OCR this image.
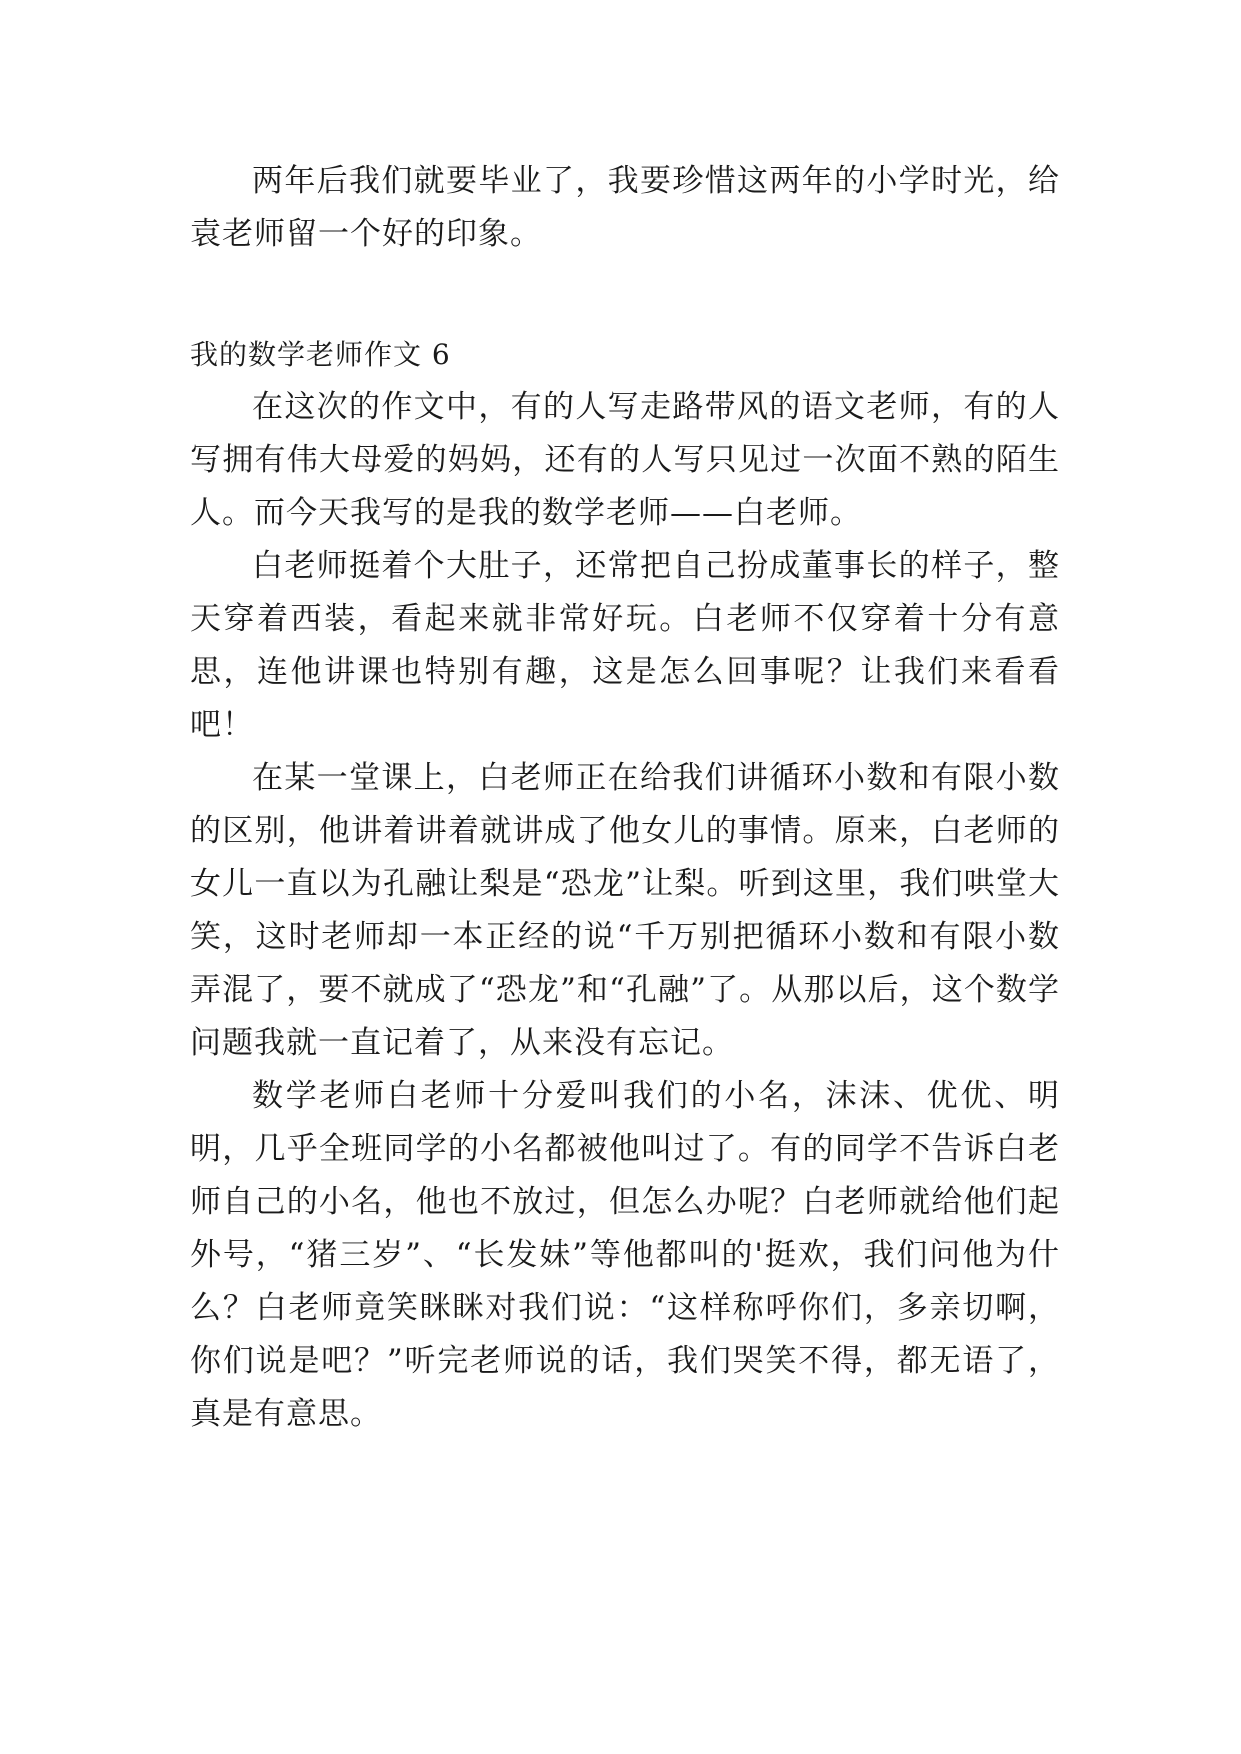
两年后我们就要毕业了，我要珍惜这两年的小学时光，给袁老师留一个好的印象。

我的数学老师作文 6

在这次的作文中，有的人写走路带风的语文老师，有的人写拥有伟大母爱的妈妈，还有的人写只见过一次面不熟的陌生人。而今天我写的是我的数学老师——白老师。

白老师挺着个大肚子，还常把自己扮成董事长的样子，整天穿着西装，看起来就非常好玩。白老师不仅穿着十分有意思，连他讲课也特别有趣，这是怎么回事呢？让我们来看看吧！

在某一堂课上，白老师正在给我们讲循环小数和有限小数的区别，他讲着讲着就讲成了他女儿的事情。原来，白老师的女儿一直以为孔融让梨是“恐龙”让梨。听到这里，我们哄堂大笑，这时老师却一本正经的说“千万别把循环小数和有限小数弄混了，要不就成了“恐龙”和“孔融”了。从那以后，这个数学问题我就一直记着了，从来没有忘记。

数学老师白老师十分爱叫我们的小名，沫沫、优优、明明，几乎全班同学的小名都被他叫过了。有的同学不告诉白老师自己的小名，他也不放过，但怎么办呢？白老师就给他们起外号，“猪三岁”、“长发妹”等他都叫的'挺欢，我们问他为什么？白老师竟笑眯眯对我们说：“这样称呼你们，多亲切啊，你们说是吧？”听完老师说的话，我们哭笑不得，都无语了，真是有意思。
